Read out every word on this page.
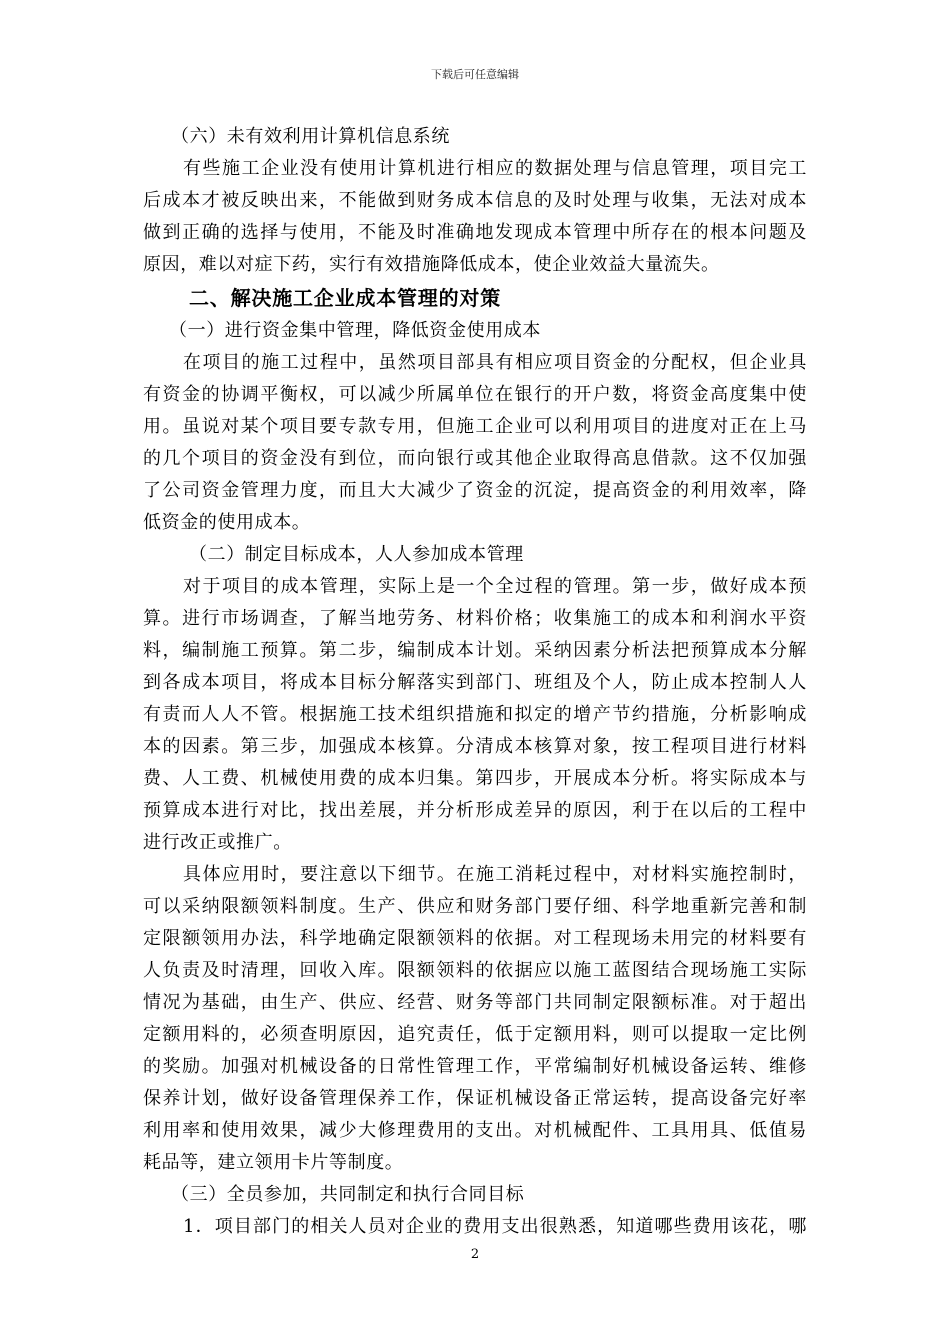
下载后可任意编辑
（六）未有效利用计算机信息系统
有些施工企业没有使用计算机进行相应的数据处理与信息管理，项目完工
后成本才被反映出来，不能做到财务成本信息的及时处理与收集，无法对成本
做到正确的选择与使用，不能及时准确地发现成本管理中所存在的根本问题及
原因，难以对症下药，实行有效措施降低成本，使企业效益大量流失。
二、解决施工企业成本管理的对策
（一）进行资金集中管理，降低资金使用成本
在项目的施工过程中，虽然项目部具有相应项目资金的分配权，但企业具
有资金的协调平衡权，可以减少所属单位在银行的开户数，将资金高度集中使
用。虽说对某个项目要专款专用，但施工企业可以利用项目的进度对正在上马
的几个项目的资金没有到位，而向银行或其他企业取得高息借款。这不仅加强
了公司资金管理力度，而且大大减少了资金的沉淀，提高资金的利用效率，降
低资金的使用成本。
（二）制定目标成本，人人参加成本管理
对于项目的成本管理，实际上是一个全过程的管理。第一步，做好成本预
算。进行市场调查，了解当地劳务、材料价格；收集施工的成本和利润水平资
料，编制施工预算。第二步，编制成本计划。采纳因素分析法把预算成本分解
到各成本项目，将成本目标分解落实到部门、班组及个人，防止成本控制人人
有责而人人不管。根据施工技术组织措施和拟定的增产节约措施，分析影响成
本的因素。第三步，加强成本核算。分清成本核算对象，按工程项目进行材料
费、人工费、机械使用费的成本归集。第四步，开展成本分析。将实际成本与
预算成本进行对比，找出差展，并分析形成差异的原因，利于在以后的工程中
进行改正或推广。
具体应用时，要注意以下细节。在施工消耗过程中，对材料实施控制时，
可以采纳限额领料制度。生产、供应和财务部门要仔细、科学地重新完善和制
定限额领用办法，科学地确定限额领料的依据。对工程现场未用完的材料要有
人负责及时清理，回收入库。限额领料的依据应以施工蓝图结合现场施工实际
情况为基础，由生产、供应、经营、财务等部门共同制定限额标准。对于超出
定额用料的，必须查明原因，追究责任，低于定额用料，则可以提取一定比例
的奖励。加强对机械设备的日常性管理工作，平常编制好机械设备运转、维修
保养计划，做好设备管理保养工作，保证机械设备正常运转，提高设备完好率
利用率和使用效果，减少大修理费用的支出。对机械配件、工具用具、低值易
耗品等，建立领用卡片等制度。
（三）全员参加，共同制定和执行合同目标
1．项目部门的相关人员对企业的费用支出很熟悉，知道哪些费用该花，哪
2
